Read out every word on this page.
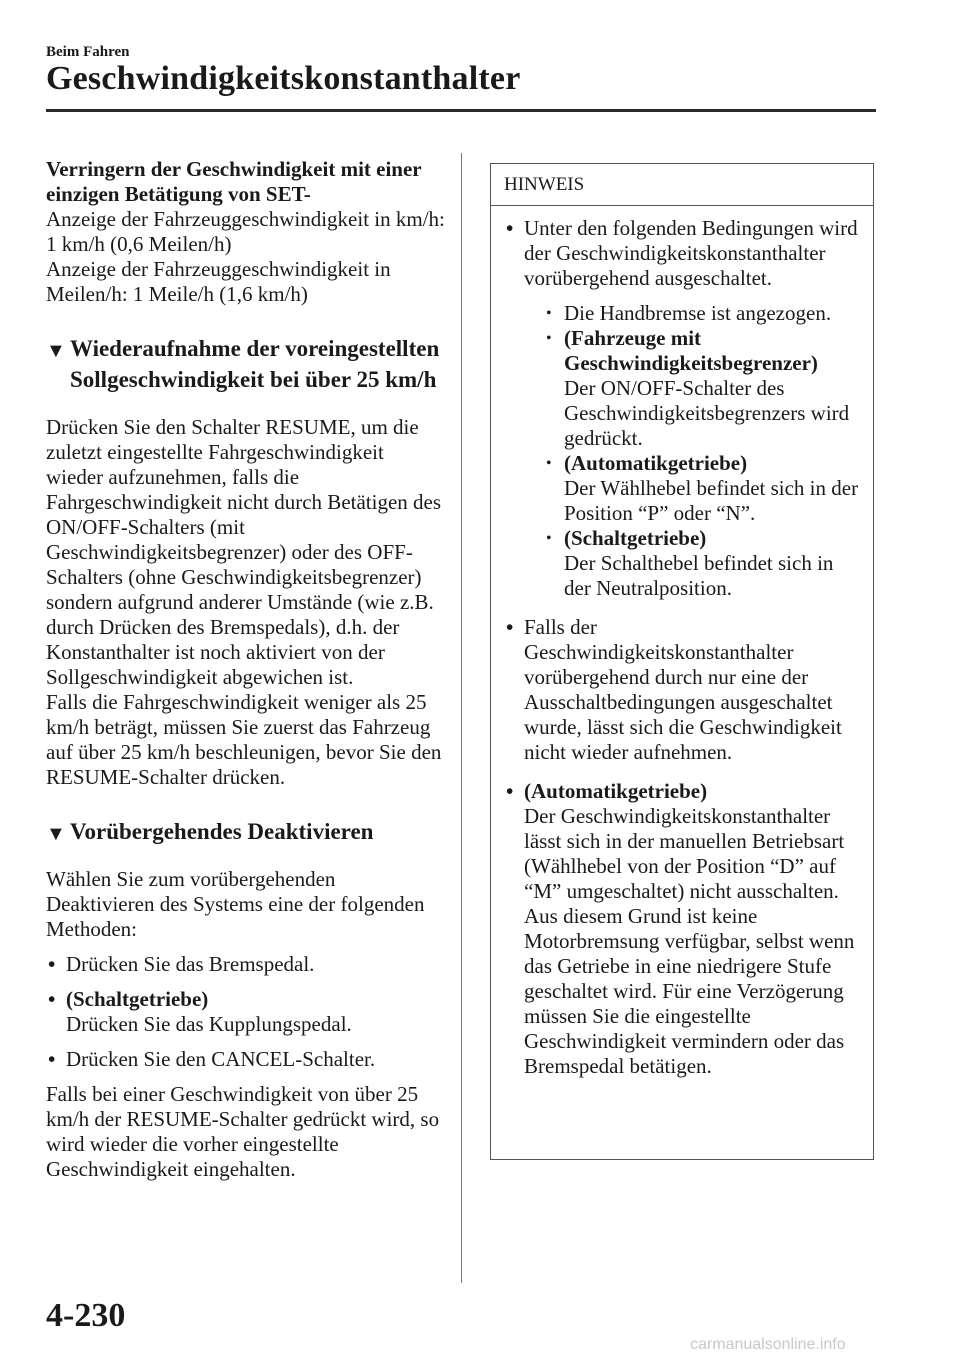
Beim Fahren
Geschwindigkeitskonstanthalter

Verringern der Geschwindigkeit mit einer einzigen Betätigung von SET-

Anzeige der Fahrzeuggeschwindigkeit in km/h: 1 km/h (0,6 Meilen/h)

Anzeige der Fahrzeuggeschwindigkeit in Meilen/h: 1 Meile/h (1,6 km/h)

▼ Wiederaufnahme der voreingestellten Sollgeschwindigkeit bei über 25 km/h

Drücken Sie den Schalter RESUME, um die zuletzt eingestellte Fahrgeschwindigkeit wieder aufzunehmen, falls die Fahrgeschwindigkeit nicht durch Betätigen des ON/OFF-Schalters (mit Geschwindigkeitsbegrenzer) oder des OFF-Schalters (ohne Geschwindigkeitsbegrenzer) sondern aufgrund anderer Umstände (wie z.B. durch Drücken des Bremspedals), d.h. der Konstanthalter ist noch aktiviert von der Sollgeschwindigkeit abgewichen ist.

Falls die Fahrgeschwindigkeit weniger als 25 km/h beträgt, müssen Sie zuerst das Fahrzeug auf über 25 km/h beschleunigen, bevor Sie den RESUME-Schalter drücken.

▼ Vorübergehendes Deaktivieren

Wählen Sie zum vorübergehenden Deaktivieren des Systems eine der folgenden Methoden:

• Drücken Sie das Bremspedal.
• (Schaltgetriebe)
Drücken Sie das Kupplungspedal.
• Drücken Sie den CANCEL-Schalter.

Falls bei einer Geschwindigkeit von über 25 km/h der RESUME-Schalter gedrückt wird, so wird wieder die vorher eingestellte Geschwindigkeit eingehalten.

HINWEIS
• Unter den folgenden Bedingungen wird der Geschwindigkeitskonstanthalter vorübergehend ausgeschaltet.
• Die Handbremse ist angezogen.
• (Fahrzeuge mit Geschwindigkeitsbegrenzer)
Der ON/OFF-Schalter des Geschwindigkeitsbegrenzers wird gedrückt.
• (Automatikgetriebe)
Der Wählhebel befindet sich in der Position “P” oder “N”.
• (Schaltgetriebe)
Der Schalthebel befindet sich in der Neutralposition.
• Falls der Geschwindigkeitskonstanthalter vorübergehend durch nur eine der Ausschaltbedingungen ausgeschaltet wurde, lässt sich die Geschwindigkeit nicht wieder aufnehmen.
• (Automatikgetriebe)
Der Geschwindigkeitskonstanthalter lässt sich in der manuellen Betriebsart (Wählhebel von der Position “D” auf “M” umgeschaltet) nicht ausschalten. Aus diesem Grund ist keine Motorbremsung verfügbar, selbst wenn das Getriebe in eine niedrigere Stufe geschaltet wird. Für eine Verzögerung müssen Sie die eingestellte Geschwindigkeit vermindern oder das Bremspedal betätigen.
4-230
carmanualsonline.info
